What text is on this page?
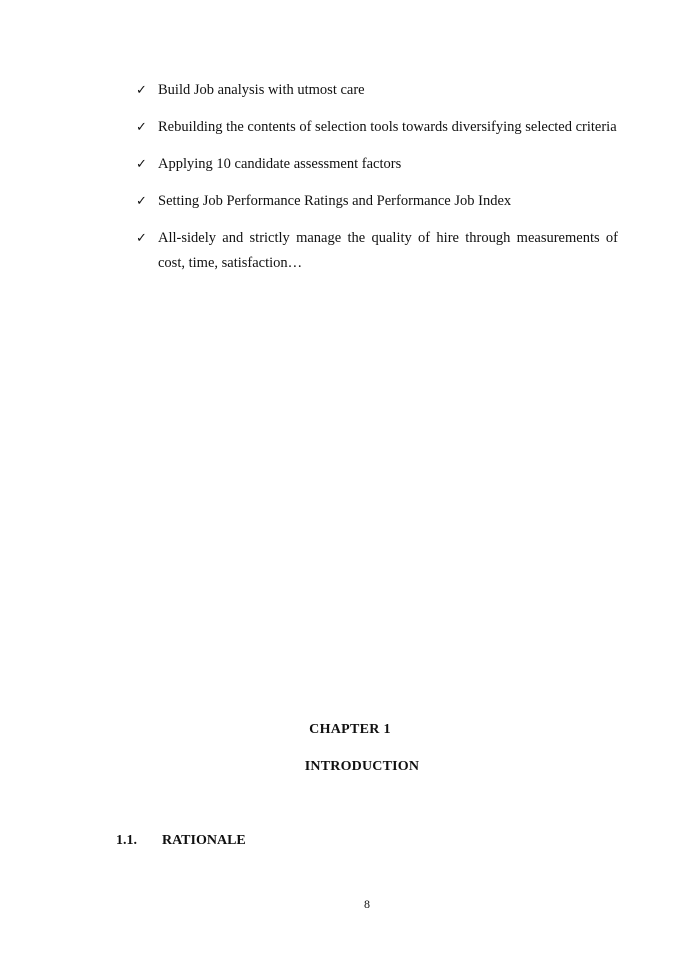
✓ Build Job analysis with utmost care
✓ Rebuilding the contents of selection tools towards diversifying selected criteria
✓ Applying 10 candidate assessment factors
✓ Setting Job Performance Ratings and Performance Job Index
✓ All-sidely and strictly manage the quality of hire through measurements of cost, time, satisfaction…
CHAPTER 1
INTRODUCTION
1.1. RATIONALE
8
